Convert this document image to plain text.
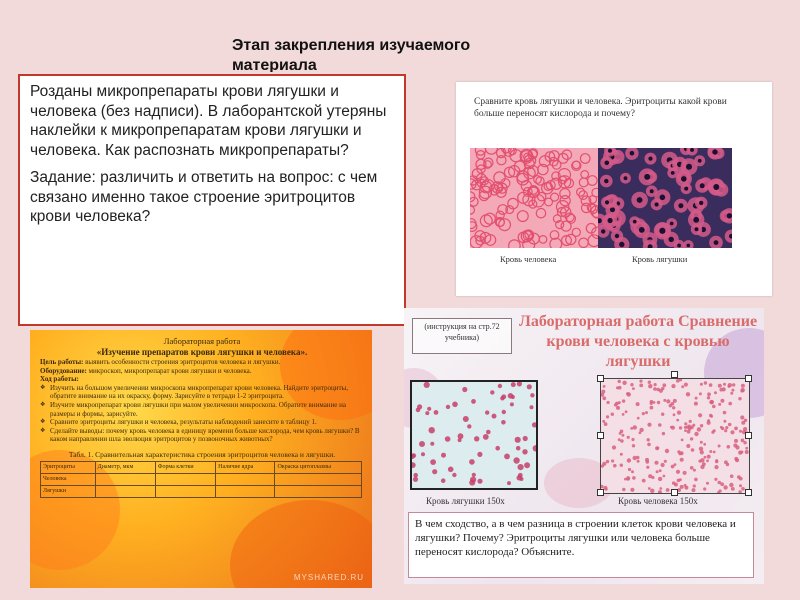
Этап закрепления изучаемого материала

Розданы микропрепараты крови лягушки и человека (без надписи). В лаборантской утеряны наклейки к микропрепаратам крови лягушки и человека. Как распознать микропрепараты?

Задание: различить и ответить на вопрос: с чем связано именно такое строение эритроцитов крови человека?

Сравните кровь лягушки и человека. Эритроциты какой крови больше переносят кислорода и почему?
Кровь человека	Кровь лягушки
Лабораторная работа
«Изучение препаратов крови лягушки и человека».
Цель работы: выявить особенности строения эритроцитов человека и лягушки.
Оборудование: микроскоп, микропрепарат крови лягушки и человека.
Ход работы:
❖ Изучить на большом увеличении микроскопа микропрепарат крови человека. Найдите эритроциты, обратите внимание на их окраску, форму. Зарисуйте в тетради 1-2 эритроцита.
❖ Изучите микропрепарат крови лягушки при малом увеличении микроскопа. Обратите внимание на размеры и формы, зарисуйте.
❖ Сравните эритроциты лягушки и человека, результаты наблюдений занесите в таблицу 1.
❖ Сделайте выводы: почему кровь человека в единицу времени больше кислорода, чем кровь лягушки? В каком направлении шла эволюция эритроцитов у позвоночных животных?
Табл. 1. Сравнительная характеристика строения эритроцитов человека и лягушки.
Эритроциты	Диаметр, мкм	Форма клетки	Наличие ядра	Окраска цитоплазмы
Человека				
Лягушки				
MYSHARED.RU
(инструкция на стр.72 учебника)
Лабораторная работа Сравнение крови человека с кровью лягушки
Кровь лягушки 150х	Кровь человека 150х
В чем сходство, а в чем разница в строении клеток крови человека и лягушки? Почему? Эритроциты лягушки или человека больше переносят кислорода? Объясните.
